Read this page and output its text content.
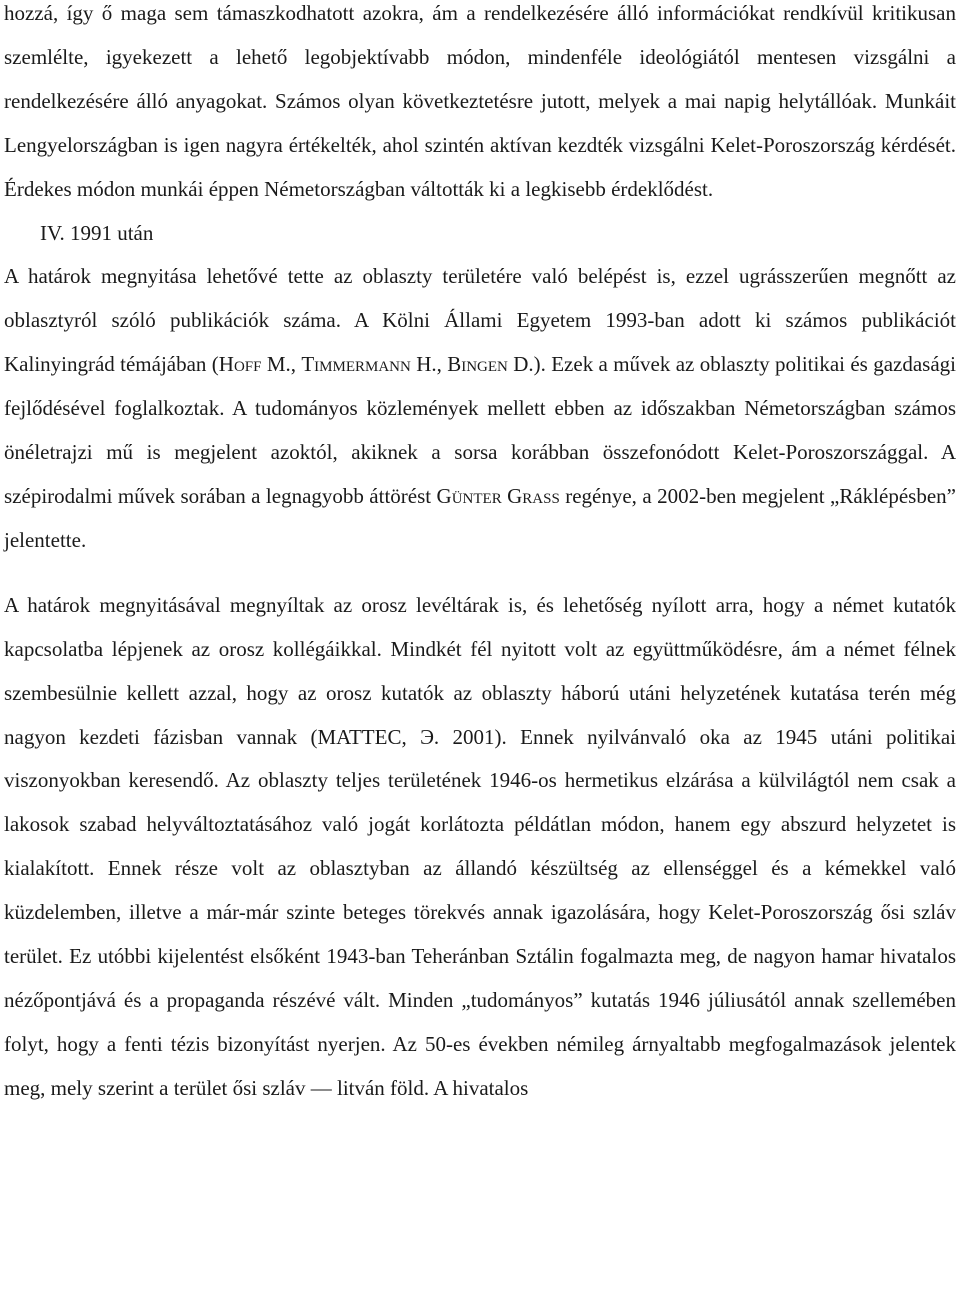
hozzá, így ő maga sem támaszkodhatott azokra, ám a rendelkezésére álló információkat rendkívül kritikusan szemlélte, igyekezett a lehető legobjektívabb módon, mindenféle ideológiától mentesen vizsgálni a rendelkezésére álló anyagokat. Számos olyan következtetésre jutott, melyek a mai napig helytállóak. Munkáit Lengyelországban is igen nagyra értékelték, ahol szintén aktívan kezdték vizsgálni Kelet-Poroszország kérdését. Érdekes módon munkái éppen Németországban váltották ki a legkisebb érdeklődést.

IV. 1991 után

A határok megnyitása lehetővé tette az oblaszty területére való belépést is, ezzel ugrásszerűen megnőtt az oblasztyról szóló publikációk száma. A Kölni Állami Egyetem 1993-ban adott ki számos publikációt Kalinyingrád témájában (Hoff M., Timmermann H., Bingen D.). Ezek a művek az oblaszty politikai és gazdasági fejlődésével foglalkoztak. A tudományos közlemények mellett ebben az időszakban Németországban számos önéletrajzi mű is megjelent azoktól, akiknek a sorsa korábban összefonódott Kelet-Poroszországgal. A szépirodalmi művek sorában a legnagyobb áttörést Günter Grass regénye, a 2002-ben megjelent „Ráklépésben” jelentette.

A határok megnyitásával megnyíltak az orosz levéltárak is, és lehetőség nyílott arra, hogy a német kutatók kapcsolatba lépjenek az orosz kollégáikkal. Mindkét fél nyitott volt az együttműködésre, ám a német félnek szembesülnie kellett azzal, hogy az orosz kutatók az oblaszty háború utáni helyzetének kutatása terén még nagyon kezdeti fázisban vannak (MATTEC, Э. 2001). Ennek nyilvánvaló oka az 1945 utáni politikai viszonyokban keresendő. Az oblaszty teljes területének 1946-os hermetikus elzárása a külvilágtól nem csak a lakosok szabad helyváltoztatásához való jogát korlátozta példátlan módon, hanem egy abszurd helyzetet is kialakított. Ennek része volt az oblasztyban az állandó készültség az ellenséggel és a kémekkel való küzdelemben, illetve a már-már szinte beteges törekvés annak igazolására, hogy Kelet-Poroszország ősi szláv terület. Ez utóbbi kijelentést elsőként 1943-ban Teheránban Sztálin fogalmazta meg, de nagyon hamar hivatalos nézőpontjává és a propaganda részévé vált. Minden „tudományos” kutatás 1946 júliusától annak szellemében folyt, hogy a fenti tézis bizonyítást nyerjen. Az 50-es években némileg árnyaltabb megfogalmazások jelentek meg, mely szerint a terület ősi szláv — litván föld. A hivatalos
